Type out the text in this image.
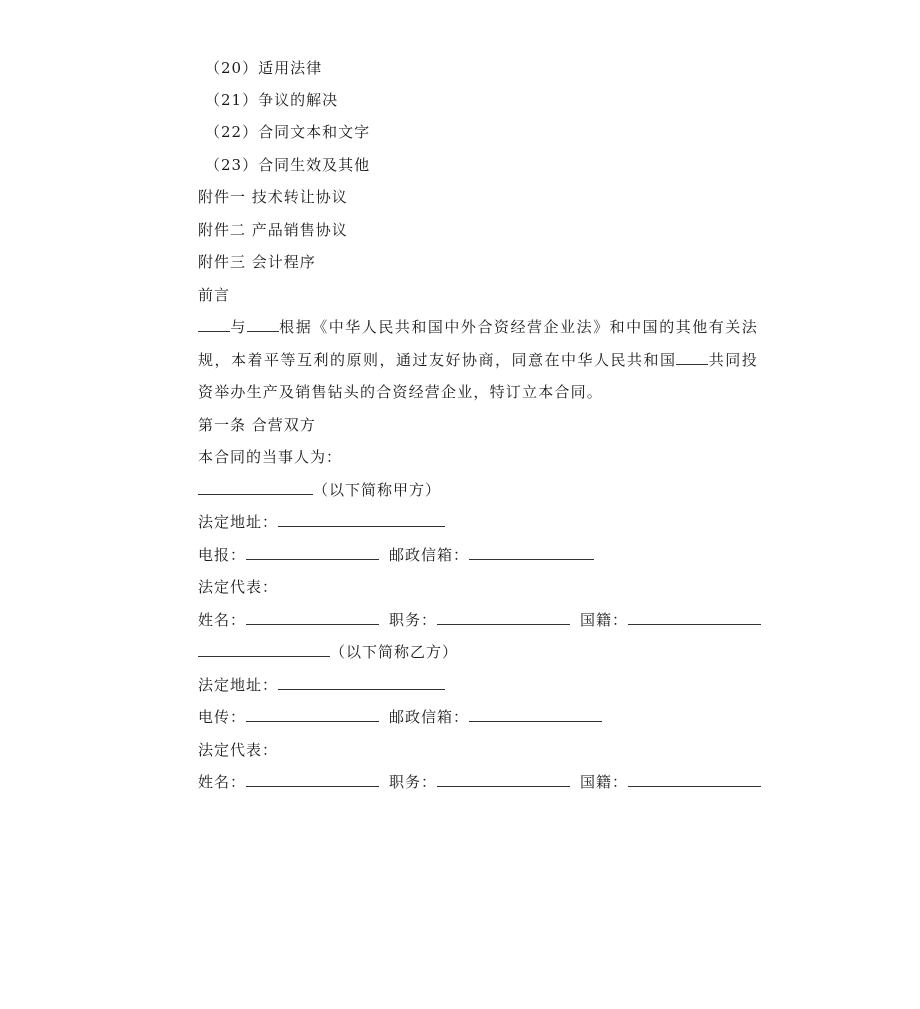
（20）适用法律
（21）争议的解决
（22）合同文本和文字
（23）合同生效及其他
附件一 技术转让协议
附件二 产品销售协议
附件三 会计程序
前言
与 根据《中华人民共和国中外合资经营企业法》和中国的其他有关法规，本着平等互利的原则，通过友好协商，同意在中华人民共和国 共同投资举办生产及销售钻头的合资经营企业，特订立本合同。
第一条 合营双方
本合同的当事人为：
（以下简称甲方）
法定地址：
电报：	邮政信箱：
法定代表：
姓名：	职务：	国籍：
（以下简称乙方）
法定地址：
电传：	邮政信箱：
法定代表：
姓名：	职务：	国籍：
